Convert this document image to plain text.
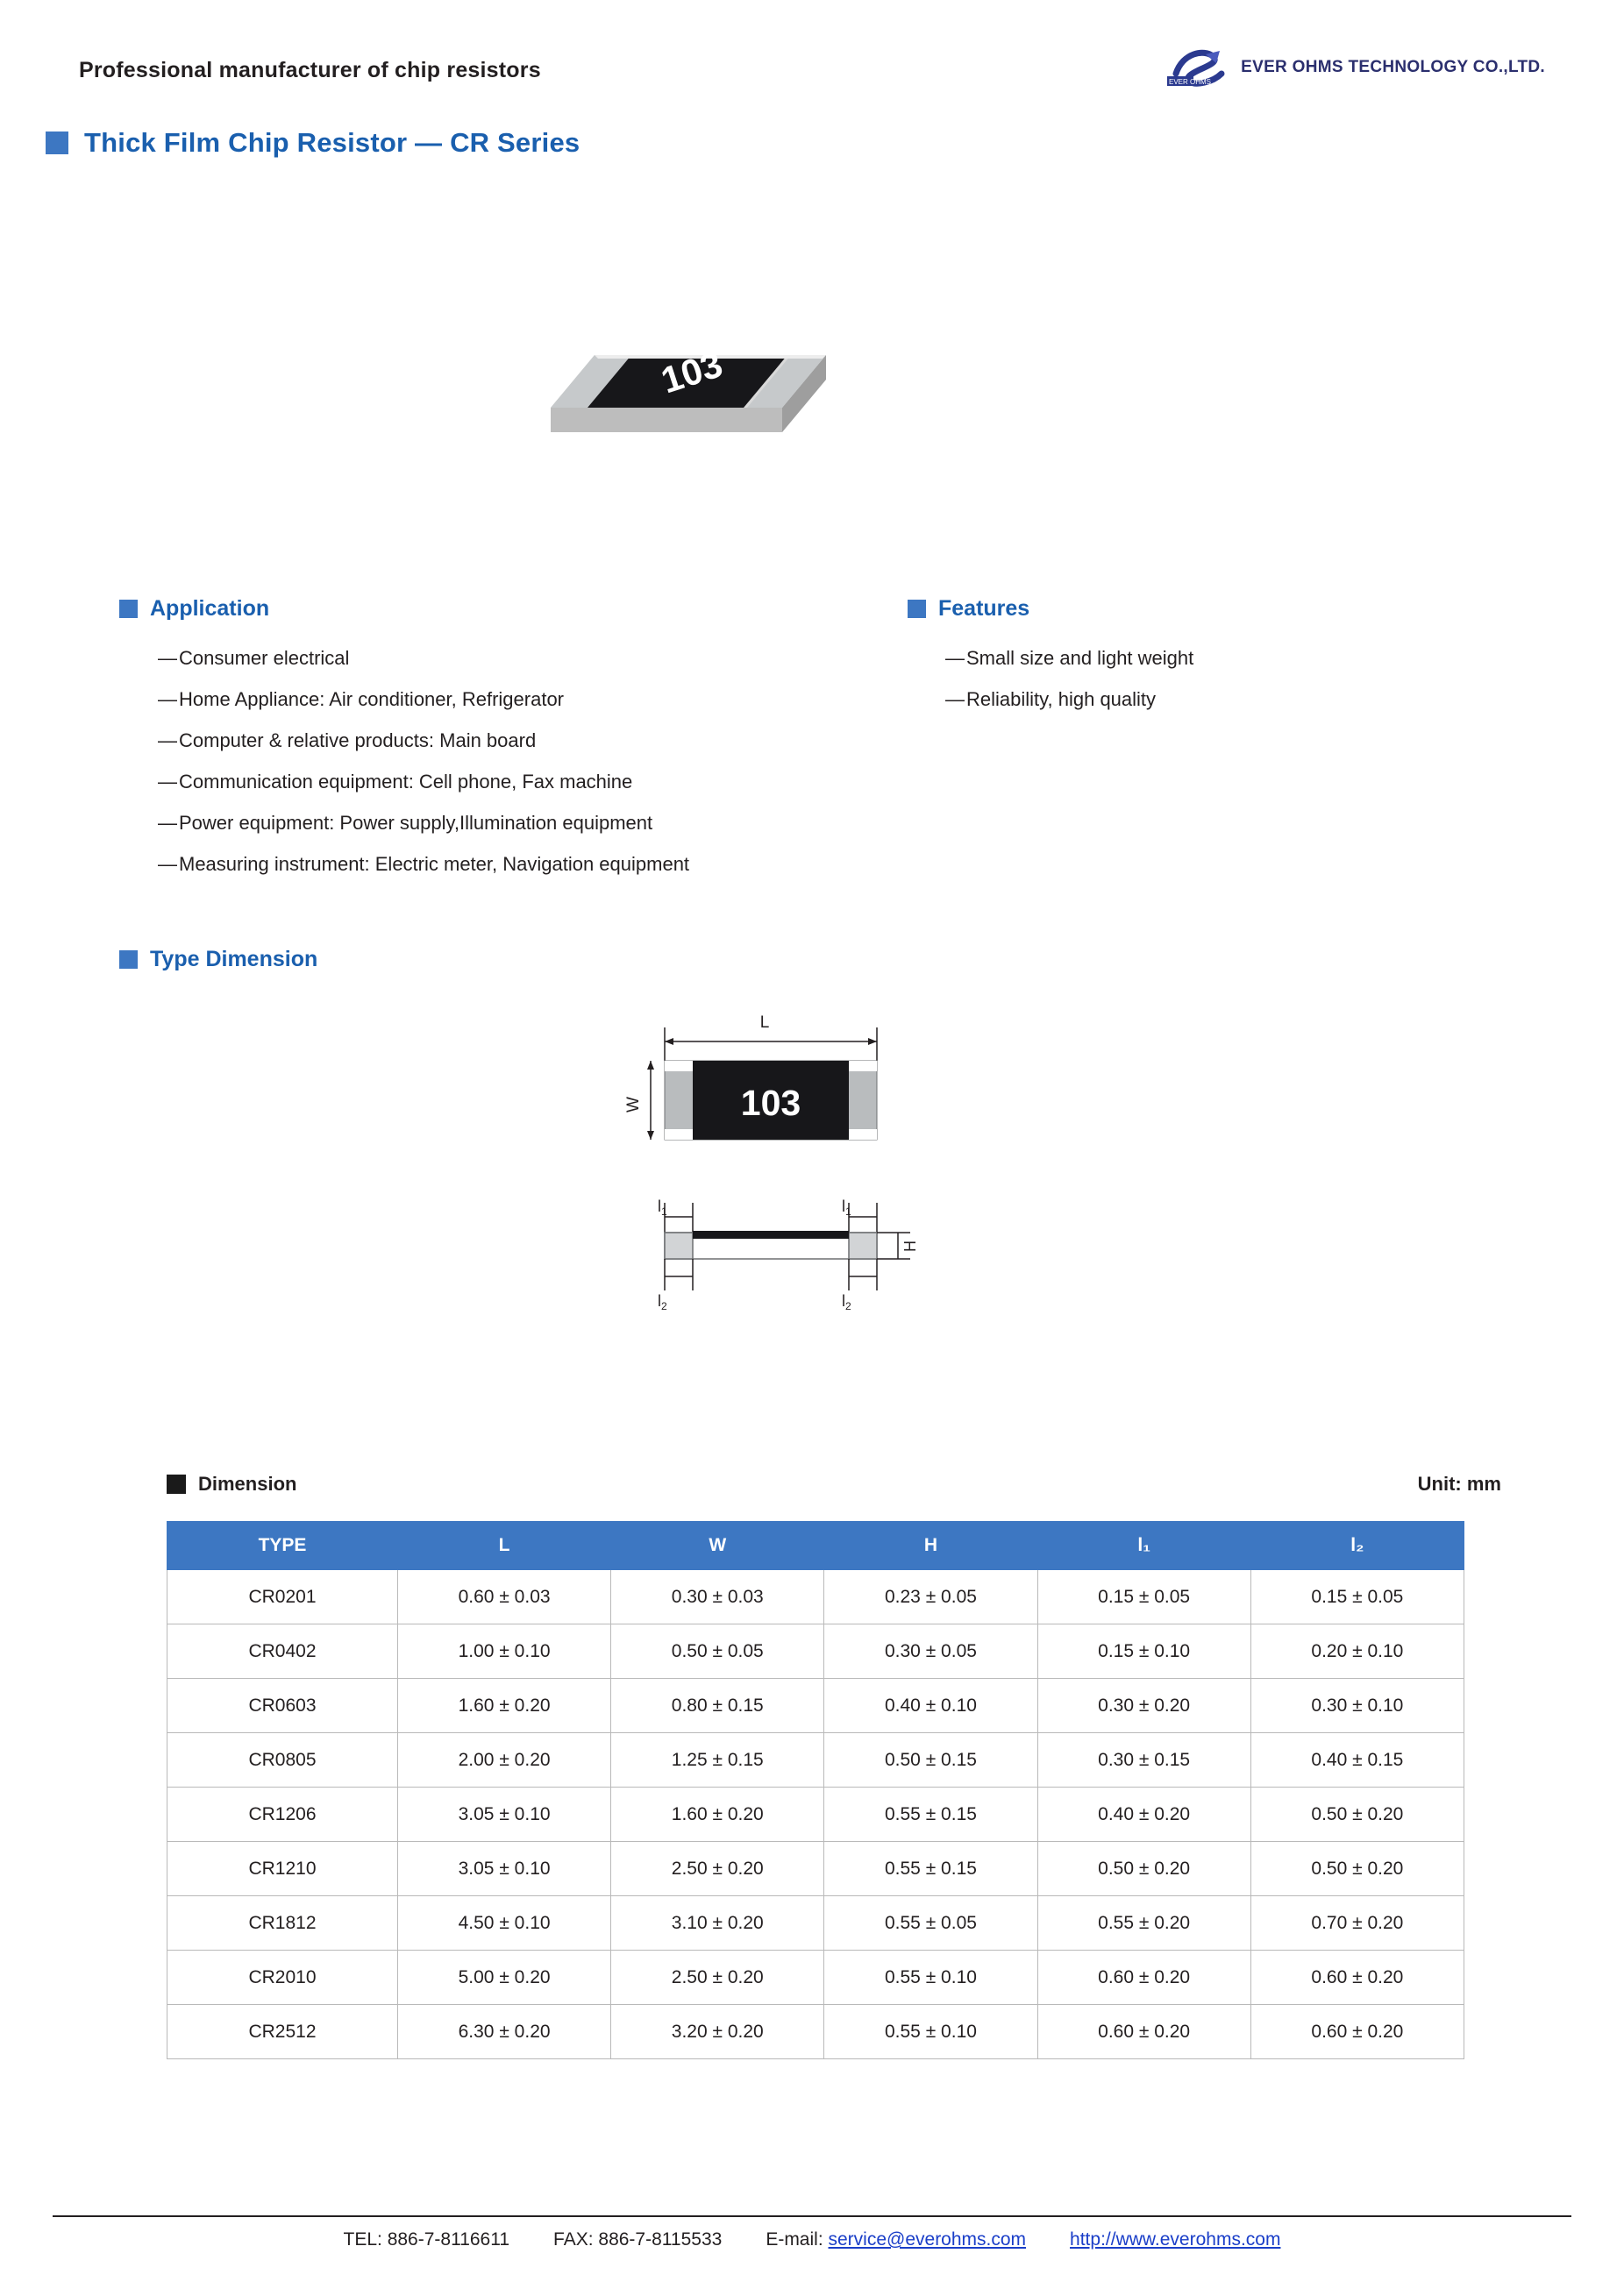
Professional manufacturer of chip resistors	EVER OHMS
EVER OHMS TECHNOLOGY CO.,LTD.
Thick Film Chip Resistor — CR Series
103
Application
—Consumer electrical
—Home Appliance: Air conditioner, Refrigerator
—Computer & relative products: Main board
—Communication equipment: Cell phone, Fax machine
—Power equipment: Power supply,Illumination equipment
—Measuring instrument: Electric meter, Navigation equipment
Features
—Small size and light weight
—Reliability, high quality
Type Dimension
L
W	103
$l_1$	$l_1$
H
$l_2$	$l_2$
Dimension	Unit: mm
TYPE	L	W	H	l₁	l₂
CR0201	0.60 ± 0.03	0.30 ± 0.03	0.23 ± 0.05	0.15 ± 0.05	0.15 ± 0.05
CR0402	1.00 ± 0.10	0.50 ± 0.05	0.30 ± 0.05	0.15 ± 0.10	0.20 ± 0.10
CR0603	1.60 ± 0.20	0.80 ± 0.15	0.40 ± 0.10	0.30 ± 0.20	0.30 ± 0.10
CR0805	2.00 ± 0.20	1.25 ± 0.15	0.50 ± 0.15	0.30 ± 0.15	0.40 ± 0.15
CR1206	3.05 ± 0.10	1.60 ± 0.20	0.55 ± 0.15	0.40 ± 0.20	0.50 ± 0.20
CR1210	3.05 ± 0.10	2.50 ± 0.20	0.55 ± 0.15	0.50 ± 0.20	0.50 ± 0.20
CR1812	4.50 ± 0.10	3.10 ± 0.20	0.55 ± 0.05	0.55 ± 0.20	0.70 ± 0.20
CR2010	5.00 ± 0.20	2.50 ± 0.20	0.55 ± 0.10	0.60 ± 0.20	0.60 ± 0.20
CR2512	6.30 ± 0.20	3.20 ± 0.20	0.55 ± 0.10	0.60 ± 0.20	0.60 ± 0.20
TEL: 886-7-8116611 FAX: 886-7-8115533 E-mail: service@everohms.com http://www.everohms.com
